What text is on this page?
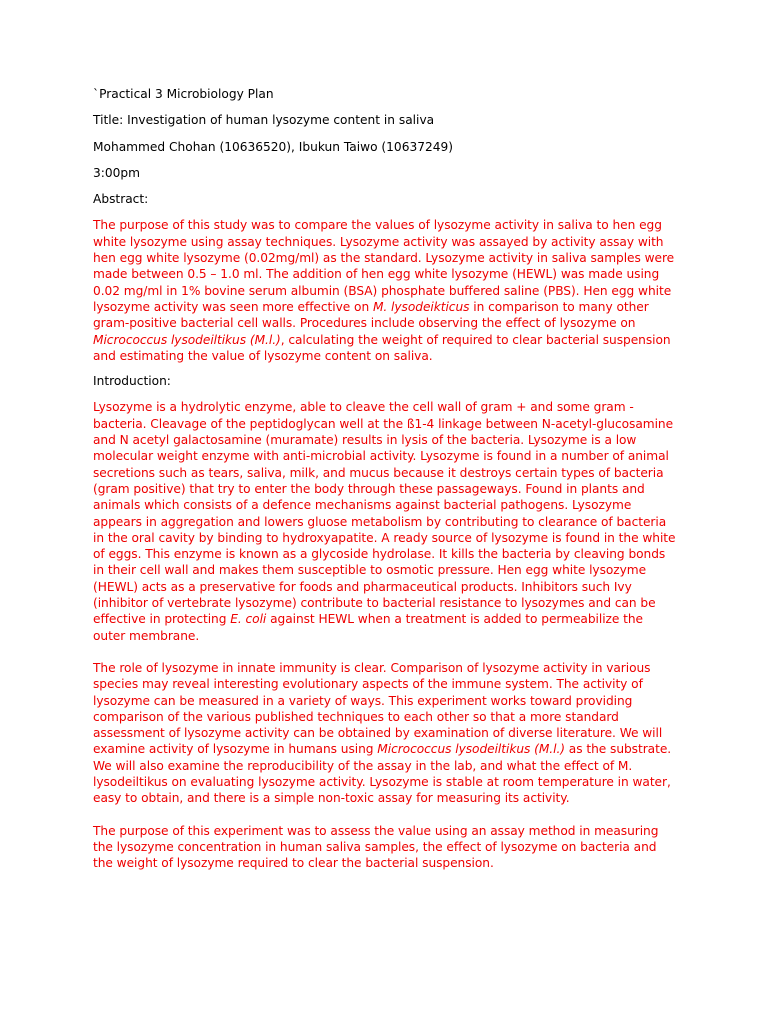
`Practical 3 Microbiology Plan

Title: Investigation of human lysozyme content in saliva

Mohammed Chohan (10636520), Ibukun Taiwo (10637249)

3:00pm

Abstract:

The purpose of this study was to compare the values of lysozyme activity in saliva to hen egg white lysozyme using assay techniques. Lysozyme activity was assayed by activity assay with hen egg white lysozyme (0.02mg/ml) as the standard. Lysozyme activity in saliva samples were made between 0.5 – 1.0 ml. The addition of hen egg white lysozyme (HEWL) was made using 0.02 mg/ml in 1% bovine serum albumin (BSA) phosphate buffered saline (PBS). Hen egg white lysozyme activity was seen more effective on M. lysodeikticus in comparison to many other gram-positive bacterial cell walls. Procedures include observing the effect of lysozyme on Micrococcus lysodeiltikus (M.l.), calculating the weight of required to clear bacterial suspension and estimating the value of lysozyme content on saliva.

Introduction:

Lysozyme is a hydrolytic enzyme, able to cleave the cell wall of gram + and some gram - bacteria. Cleavage of the peptidoglycan well at the ß1-4 linkage between N-acetyl-glucosamine and N acetyl galactosamine (muramate) results in lysis of the bacteria. Lysozyme is a low molecular weight enzyme with anti-microbial activity. Lysozyme is found in a number of animal secretions such as tears, saliva, milk, and mucus because it destroys certain types of bacteria (gram positive) that try to enter the body through these passageways. Found in plants and animals which consists of a defence mechanisms against bacterial pathogens. Lysozyme appears in aggregation and lowers gluose metabolism by contributing to clearance of bacteria in the oral cavity by binding to hydroxyapatite. A ready source of lysozyme is found in the white of eggs. This enzyme is known as a glycoside hydrolase. It kills the bacteria by cleaving bonds in their cell wall and makes them susceptible to osmotic pressure. Hen egg white lysozyme (HEWL) acts as a preservative for foods and pharmaceutical products. Inhibitors such Ivy (inhibitor of vertebrate lysozyme) contribute to bacterial resistance to lysozymes and can be effective in protecting E. coli against HEWL when a treatment is added to permeabilize the outer membrane.

The role of lysozyme in innate immunity is clear. Comparison of lysozyme activity in various species may reveal interesting evolutionary aspects of the immune system. The activity of lysozyme can be measured in a variety of ways. This experiment works toward providing comparison of the various published techniques to each other so that a more standard assessment of lysozyme activity can be obtained by examination of diverse literature. We will examine activity of lysozyme in humans using Micrococcus lysodeiltikus (M.l.) as the substrate. We will also examine the reproducibility of the assay in the lab, and what the effect of M. lysodeiltikus on evaluating lysozyme activity. Lysozyme is stable at room temperature in water, easy to obtain, and there is a simple non-toxic assay for measuring its activity.

The purpose of this experiment was to assess the value using an assay method in measuring the lysozyme concentration in human saliva samples, the effect of lysozyme on bacteria and the weight of lysozyme required to clear the bacterial suspension.
